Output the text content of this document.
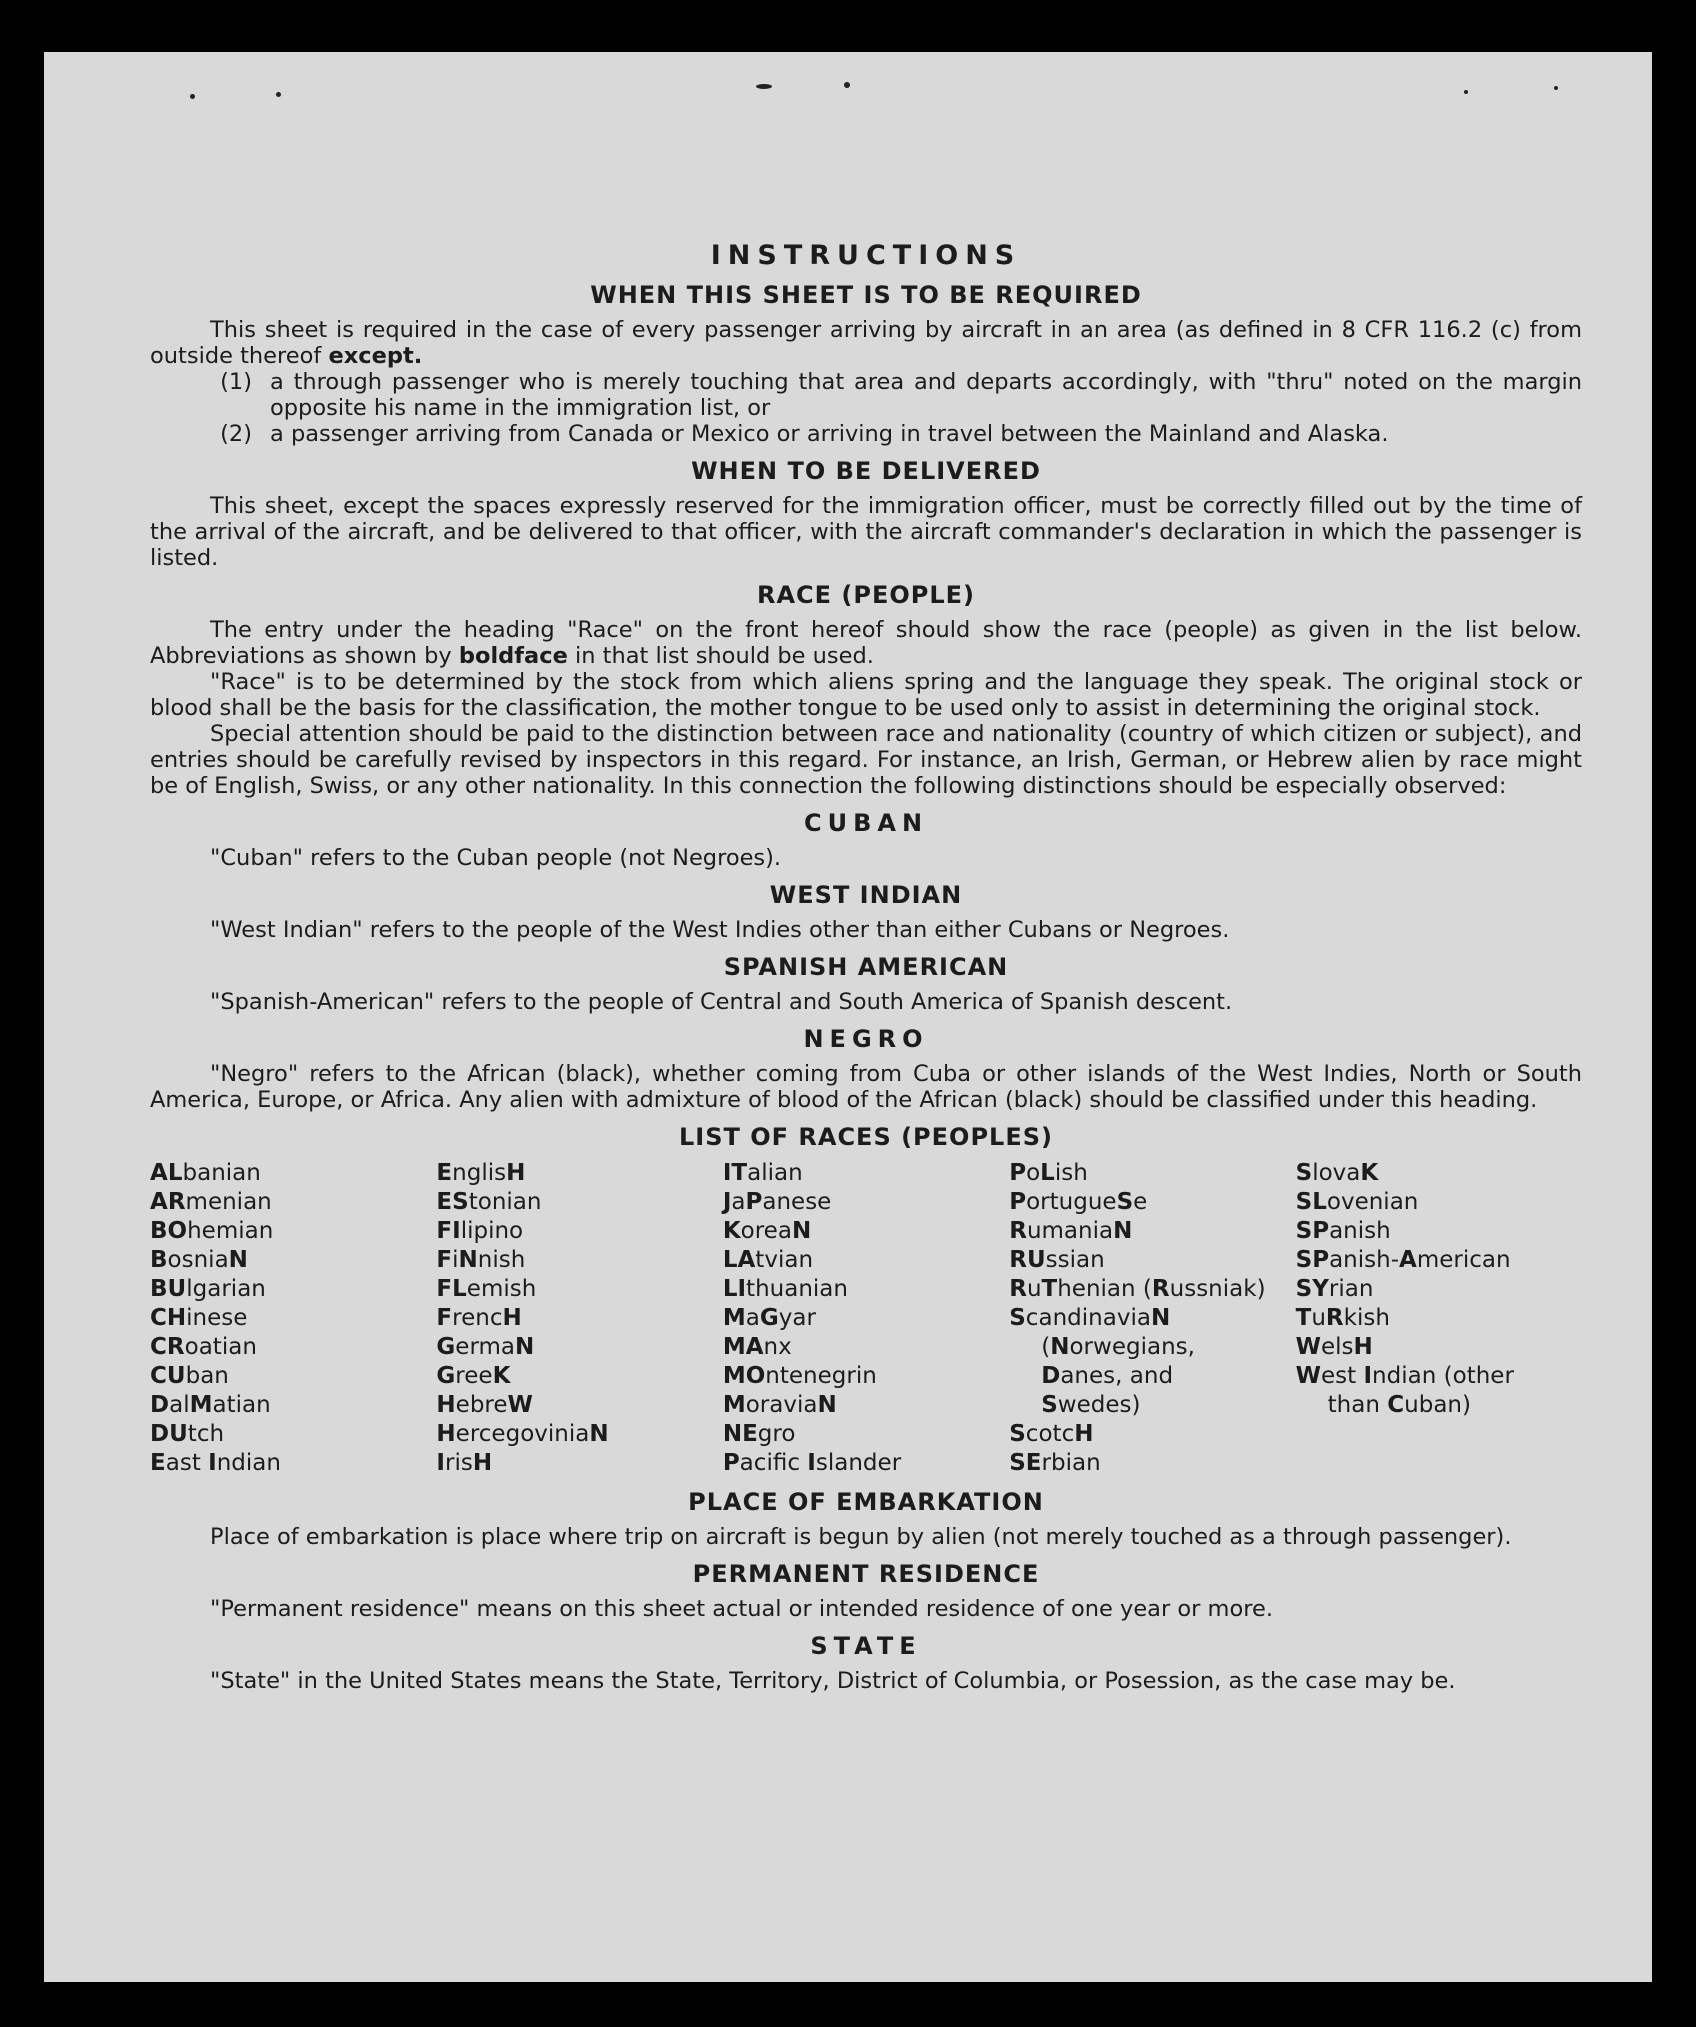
INSTRUCTIONS
WHEN THIS SHEET IS TO BE REQUIRED

This sheet is required in the case of every passenger arriving by aircraft in an area (as defined in 8 CFR 116.2 (c) from outside thereof except.

(1) a through passenger who is merely touching that area and departs accordingly, with "thru" noted on the margin opposite his name in the immigration list, or
(2) a passenger arriving from Canada or Mexico or arriving in travel between the Mainland and Alaska.
WHEN TO BE DELIVERED

This sheet, except the spaces expressly reserved for the immigration officer, must be correctly filled out by the time of the arrival of the aircraft, and be delivered to that officer, with the aircraft commander's declaration in which the passenger is listed.

RACE (PEOPLE)

The entry under the heading "Race" on the front hereof should show the race (people) as given in the list below. Abbreviations as shown by boldface in that list should be used.

"Race" is to be determined by the stock from which aliens spring and the language they speak. The original stock or blood shall be the basis for the classification, the mother tongue to be used only to assist in determining the original stock.

Special attention should be paid to the distinction between race and nationality (country of which citizen or subject), and entries should be carefully revised by inspectors in this regard. For instance, an Irish, German, or Hebrew alien by race might be of English, Swiss, or any other nationality. In this connection the following distinctions should be especially observed:

CUBAN

"Cuban" refers to the Cuban people (not Negroes).

WEST INDIAN

"West Indian" refers to the people of the West Indies other than either Cubans or Negroes.

SPANISH AMERICAN

"Spanish-American" refers to the people of Central and South America of Spanish descent.

NEGRO

"Negro" refers to the African (black), whether coming from Cuba or other islands of the West Indies, North or South America, Europe, or Africa. Any alien with admixture of blood of the African (black) should be classified under this heading.

LIST OF RACES (PEOPLES)
ALbanian
ARmenian
BOhemian
BosniaN
BUlgarian
CHinese
CRoatian
CUban
DalMatian
DUtch
East Indian
EnglisH
EStonian
FIlipino
FiNnish
FLemish
FrencH
GermaN
GreeK
HebreW
HercegoviniaN
IrisH
ITalian
JaPanese
KoreaN
LAtvian
LIthuanian
MaGyar
MAnx
MOntenegrin
MoraviaN
NEgro
Pacifc Islander
PoLish
PortugueSe
RumaniaN
RUssian
RuThenian (Russniak)
ScandinaviaN
(Norwegians,
Danes, and
Swedes)
ScotcH
SErbian
SlovaK
SLovenian
SPanish
SPanish-American
SYrian
TuRkish
WelsH
West Indian (other
than Cuban)
PLACE OF EMBARKATION

Place of embarkation is place where trip on aircraft is begun by alien (not merely touched as a through passenger).

PERMANENT RESIDENCE

"Permanent residence" means on this sheet actual or intended residence of one year or more.

STATE

"State" in the United States means the State, Territory, District of Columbia, or Posession, as the case may be.
